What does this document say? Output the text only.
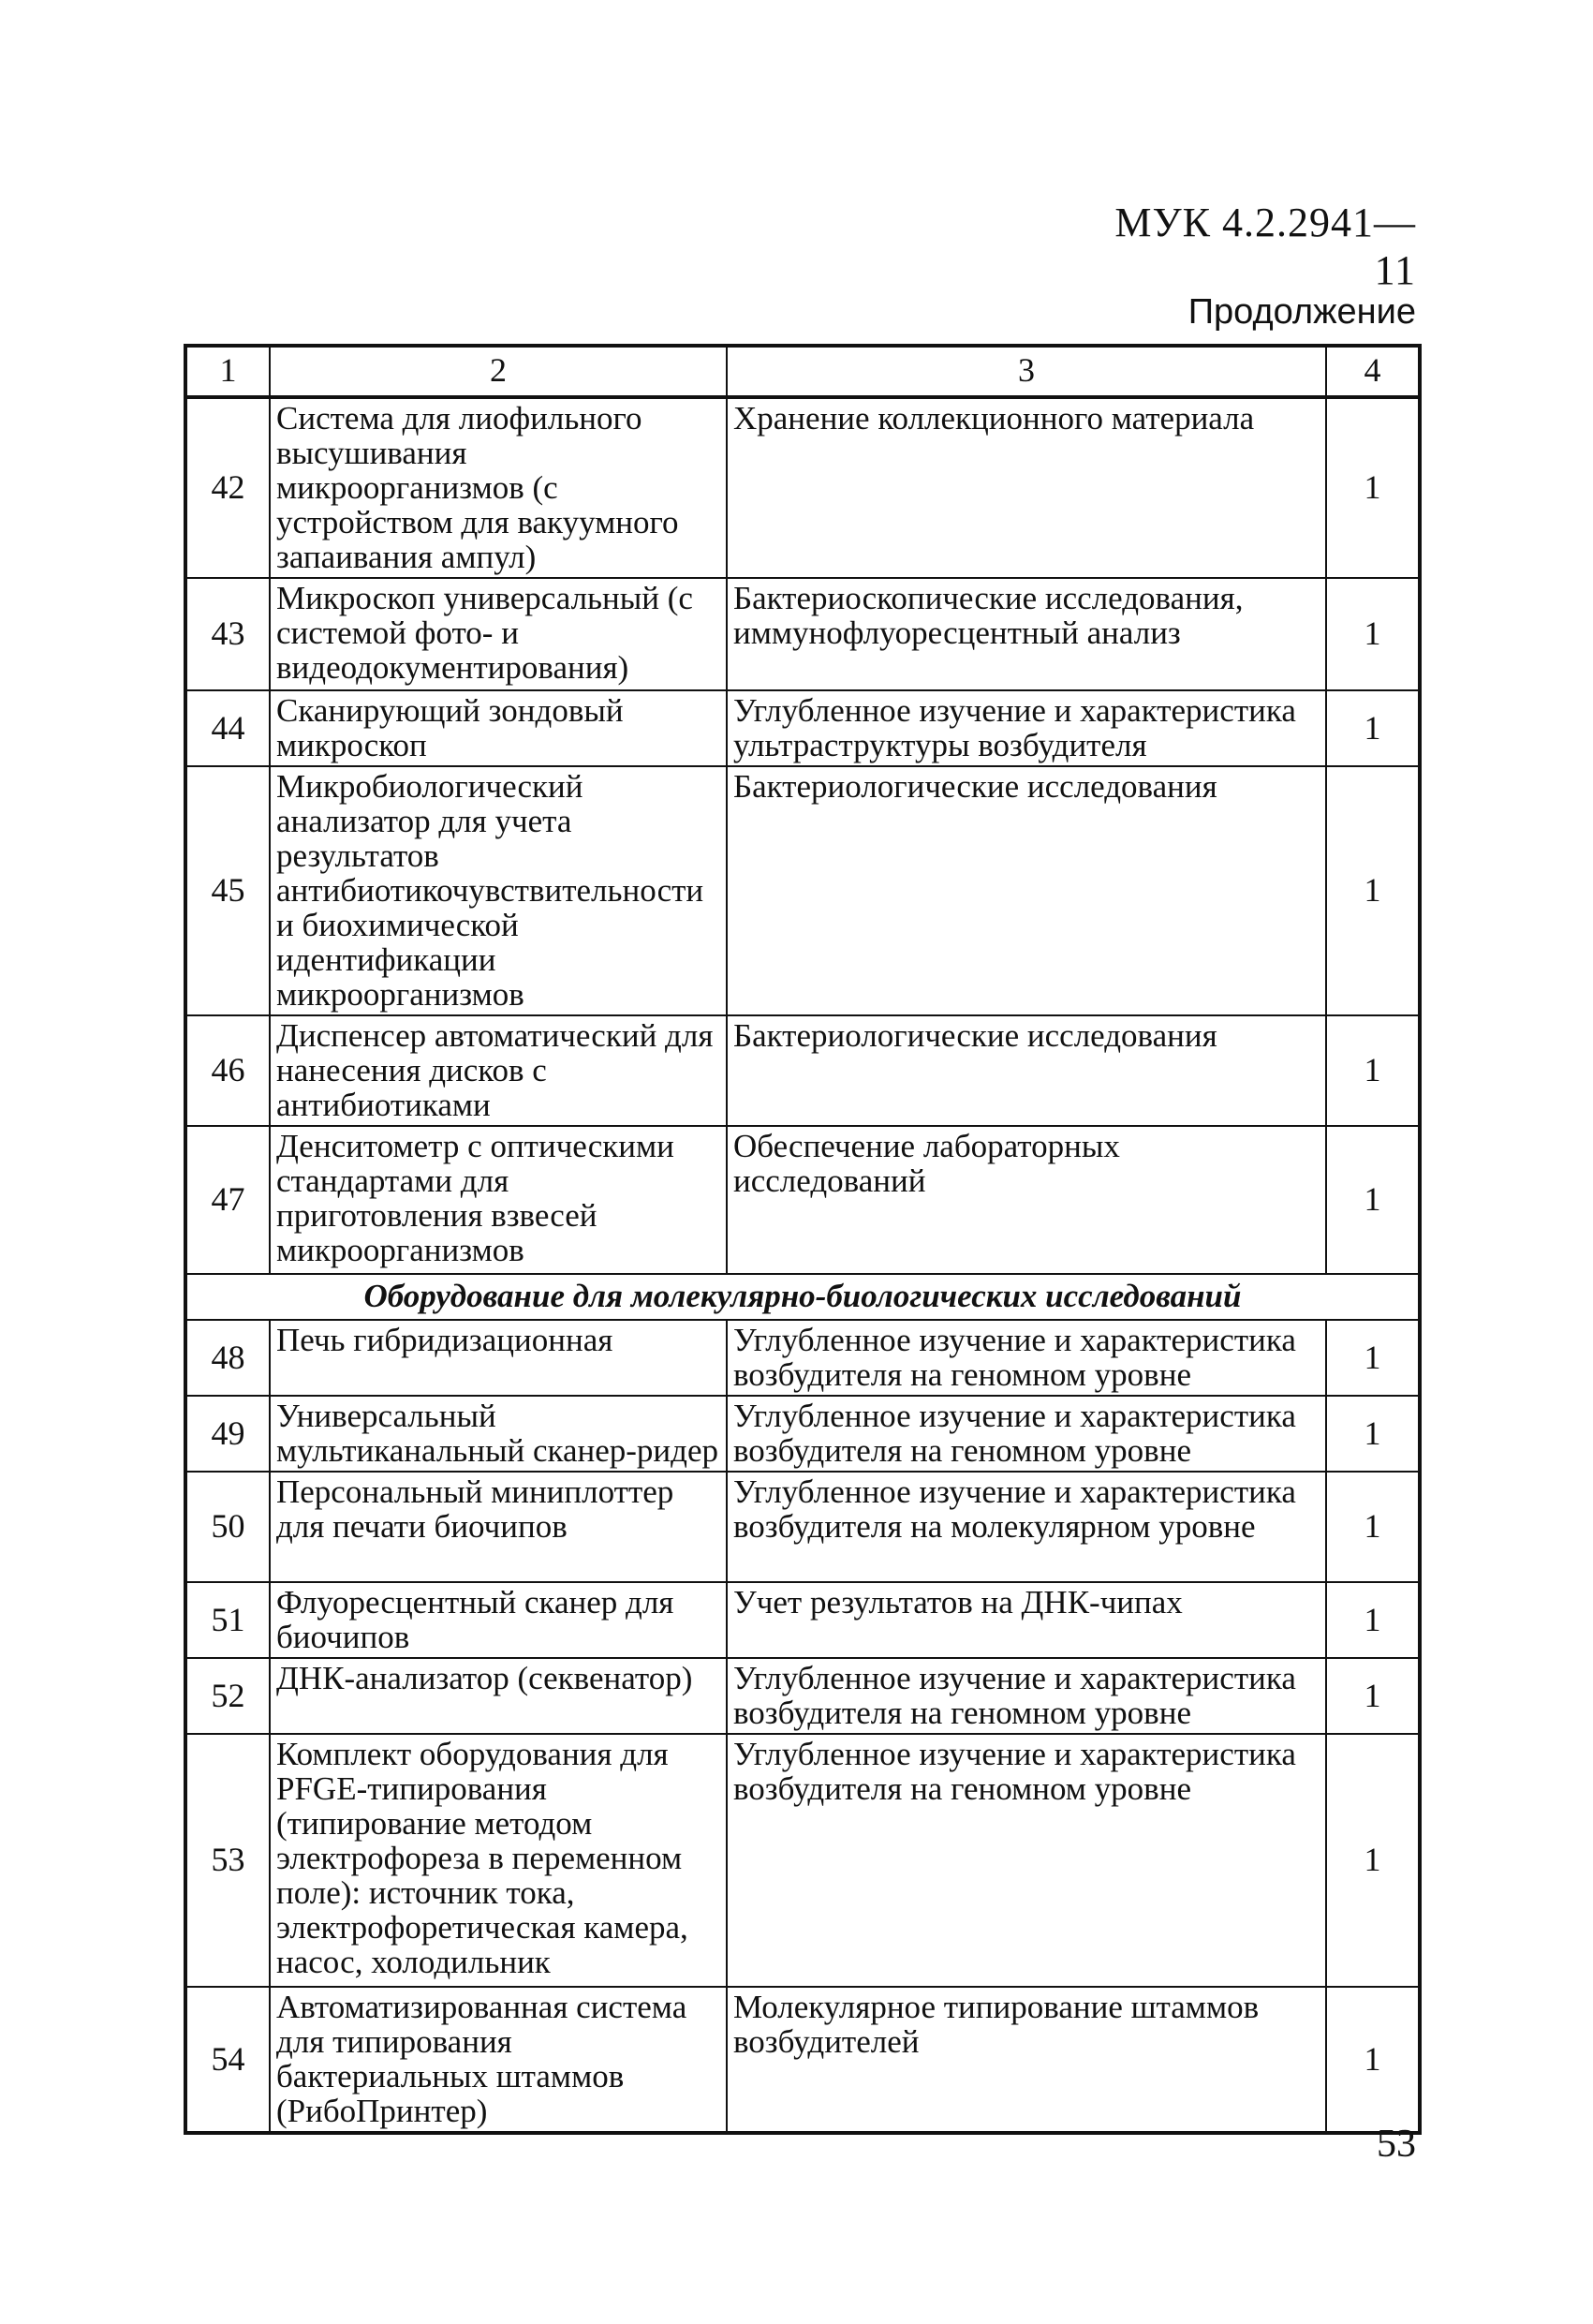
МУК 4.2.2941—11
Продолжение
1	2	3	4
42	Система для лиофильного высушивания микроорганизмов (с устройством для вакуумного запаивания ампул)	Хранение коллекционного материала	1
43	Микроскоп универсальный (с системой фото- и видеодокументирования)	Бактериоскопические исследования, иммунофлуоресцентный анализ	1
44	Сканирующий зондовый микроскоп	Углубленное изучение и характеристика ультраструктуры возбудителя	1
45	Микробиологический анализатор для учета результатов антибиотикочувствительности и биохимической идентификации микроорганизмов	Бактериологические исследования	1
46	Диспенсер автоматический для нанесения дисков с антибиотиками	Бактериологические исследования	1
47	Денситометр с оптическими стандартами для приготовления взвесей микроорганизмов	Обеспечение лабораторных исследований	1
Оборудование для молекулярно-биологических исследований			
48	Печь гибридизационная	Углубленное изучение и характеристика возбудителя на геномном уровне	1
49	Универсальный мультиканальный сканер-ридер	Углубленное изучение и характеристика возбудителя на геномном уровне	1
50	Персональный миниплоттер для печати биочипов	Углубленное изучение и характеристика возбудителя на молекулярном уровне	1
51	Флуоресцентный сканер для биочипов	Учет результатов на ДНК-чипах	1
52	ДНК-анализатор (секвенатор)	Углубленное изучение и характеристика возбудителя на геномном уровне	1
53	Комплект оборудования для PFGE-типирования (типирование методом электрофореза в переменном поле): источник тока, электрофоретическая камера, насос, холодильник	Углубленное изучение и характеристика возбудителя на геномном уровне	1
54	Автоматизированная система для типирования бактериальных штаммов (РибоПринтер)	Молекулярное типирование штаммов возбудителей	1
53
